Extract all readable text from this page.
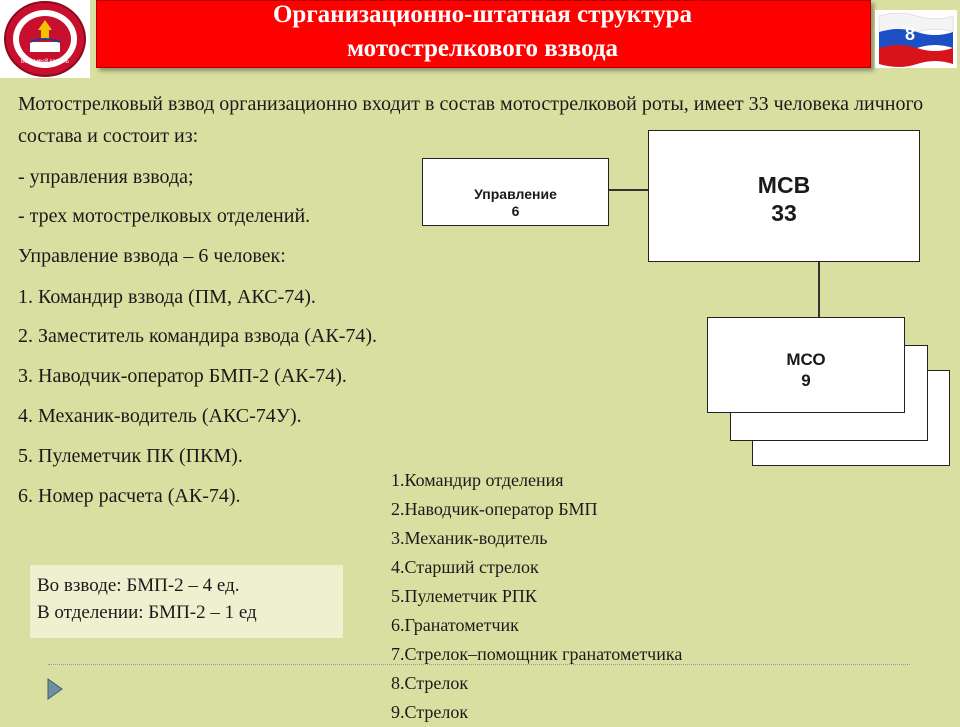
ВОЕН-НЫЙ КАЗАНЬ
Организационно-штатная структура
мотострелкового взвода
8
Мотострелковый взвод организационно входит в состав мотострелковой роты, имеет 33 человека личного состава и состоит из:
- управления взвода;
- трех мотострелковых отделений.
Управление взвода – 6 человек:
1. Командир взвода (ПМ, АКС-74).
2. Заместитель командира взвода (АК-74).
3. Наводчик-оператор БМП-2 (АК-74).
4. Механик-водитель (АКС-74У).
5. Пулеметчик ПК (ПКМ).
6. Номер расчета (АК-74).
МСВ
33
Управление
6
МСО
9
1.Командир отделения
2.Наводчик-оператор БМП
3.Механик-водитель
4.Старший стрелок
5.Пулеметчик РПК
6.Гранатометчик
7.Стрелок–помощник гранатометчика
8.Стрелок
9.Стрелок
Во взводе: БМП-2 – 4 ед.
В отделении: БМП-2 – 1 ед
